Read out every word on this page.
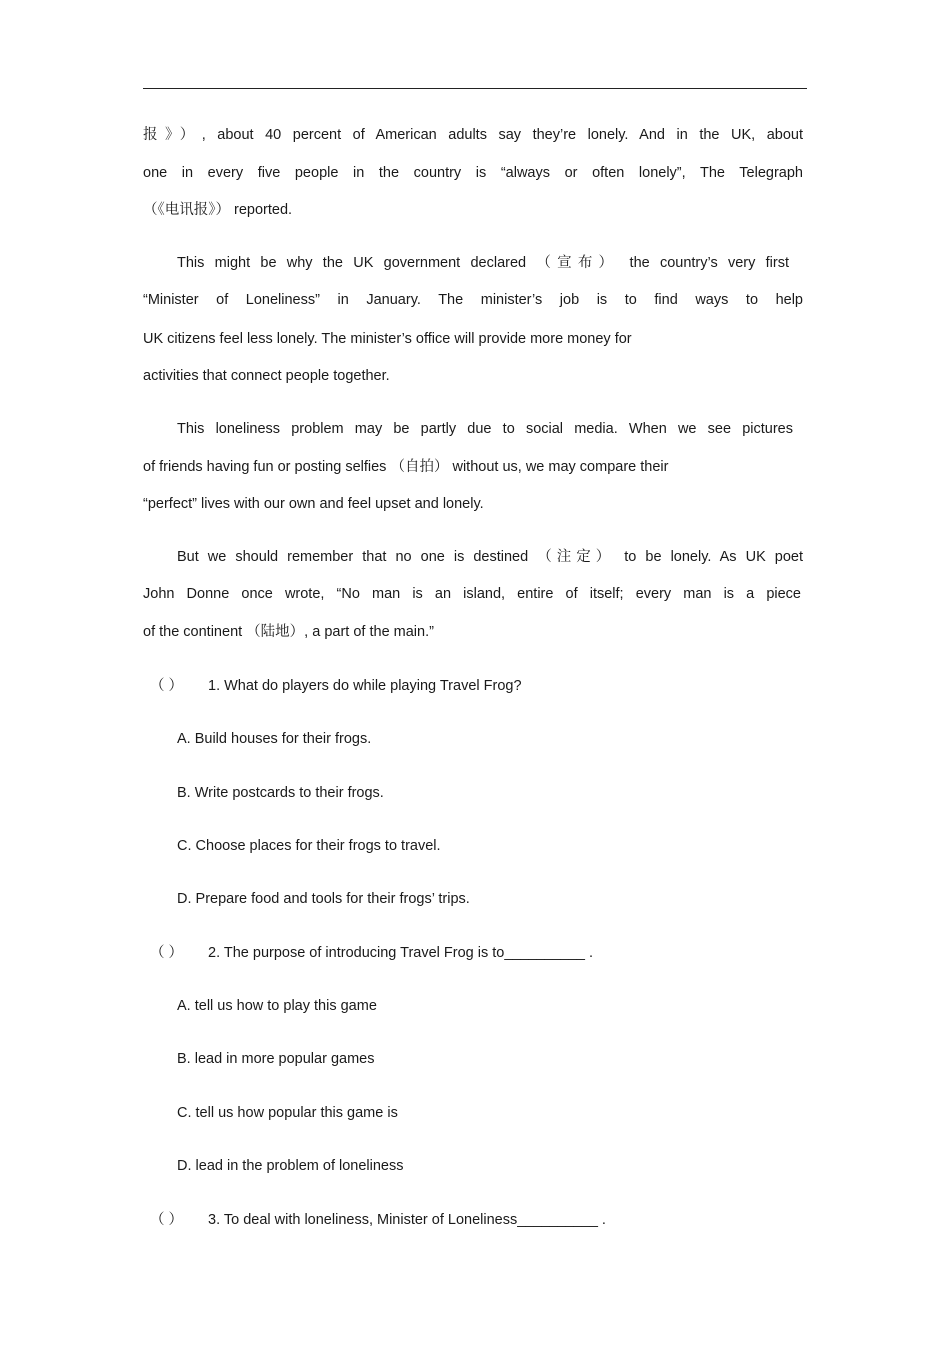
报》）, about 40 percent of American adults say they’re lonely. And in the UK, about
one in every five people in the country is “always or often lonely”, The Telegraph
（《电讯报》） reported.
This might be why the UK government declared （宣布） the country’s very first
“Minister of Loneliness” in January. The minister’s job is to find ways to help
UK citizens feel less lonely. The minister’s office will provide more money for
activities that connect people together.
This loneliness problem may be partly due to social media. When we see pictures
of friends having fun or posting selfies （自拍） without us, we may compare their
“perfect” lives with our own and feel upset and lonely.
But we should remember that no one is destined （注定） to be lonely. As UK poet
John Donne once wrote, “No man is an island, entire of itself; every man is a piece
of the continent （陆地）, a part of the main.”
（ ） 1. What do players do while playing Travel Frog?
A. Build houses for their frogs.
B. Write postcards to their frogs.
C. Choose places for their frogs to travel.
D. Prepare food and tools for their frogs’ trips.
（ ） 2. The purpose of introducing Travel Frog is to__________ .
A. tell us how to play this game
B. lead in more popular games
C. tell us how popular this game is
D. lead in the problem of loneliness
（ ） 3. To deal with loneliness, Minister of Loneliness__________ .
